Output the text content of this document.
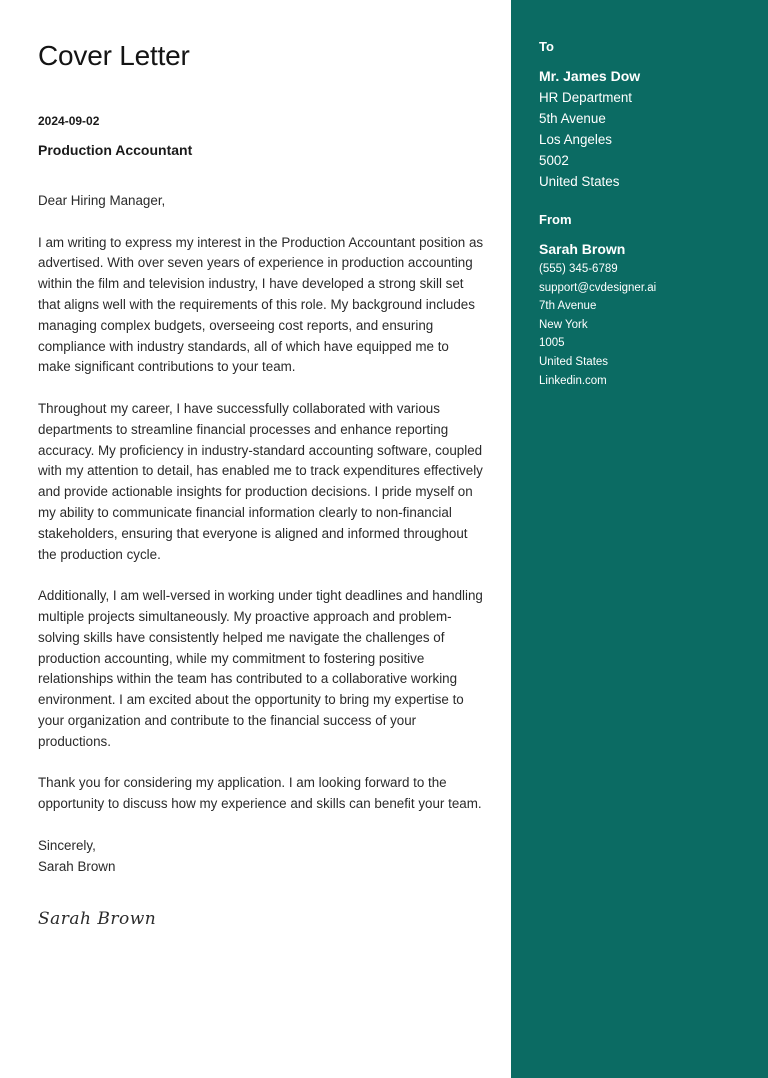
Cover Letter
2024-09-02
Production Accountant

Dear Hiring Manager,

I am writing to express my interest in the Production Accountant position as advertised. With over seven years of experience in production accounting within the film and television industry, I have developed a strong skill set that aligns well with the requirements of this role. My background includes managing complex budgets, overseeing cost reports, and ensuring compliance with industry standards, all of which have equipped me to make significant contributions to your team.

Throughout my career, I have successfully collaborated with various departments to streamline financial processes and enhance reporting accuracy. My proficiency in industry-standard accounting software, coupled with my attention to detail, has enabled me to track expenditures effectively and provide actionable insights for production decisions. I pride myself on my ability to communicate financial information clearly to non-financial stakeholders, ensuring that everyone is aligned and informed throughout the production cycle.

Additionally, I am well-versed in working under tight deadlines and handling multiple projects simultaneously. My proactive approach and problem-solving skills have consistently helped me navigate the challenges of production accounting, while my commitment to fostering positive relationships within the team has contributed to a collaborative working environment. I am excited about the opportunity to bring my expertise to your organization and contribute to the financial success of your productions.

Thank you for considering my application. I am looking forward to the opportunity to discuss how my experience and skills can benefit your team.

Sincerely,
Sarah Brown
Sarah Brown
To
Mr. James Dow
HR Department
5th Avenue
Los Angeles
5002
United States
From
Sarah Brown
(555) 345-6789
support@cvdesigner.ai
7th Avenue
New York
1005
United States
Linkedin.com
